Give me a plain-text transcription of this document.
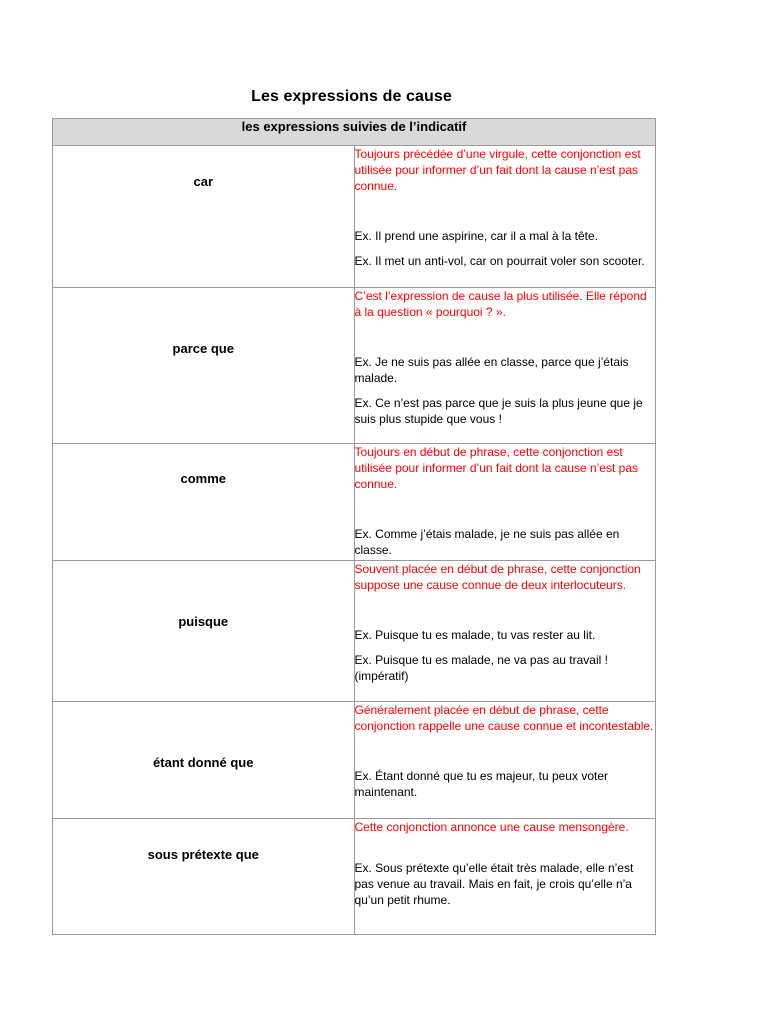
Les expressions de cause
les expressions suivies de l’indicatif	
car	Toujours précédée d’une virgule, cette conjonction est utilisée pour informer d’un fait dont la cause n’est pas connue.

Ex. Il prend une aspirine, car il a mal à la tête.

Ex. Il met un anti-vol, car on pourrait voler son scooter.

parce que	C’est l’expression de cause la plus utilisée. Elle répond à la question « pourquoi ? ».

Ex. Je ne suis pas allée en classe, parce que j’étais malade.

Ex. Ce n’est pas parce que je suis la plus jeune que je suis plus stupide que vous !

comme	Toujours en début de phrase, cette conjonction est utilisée pour informer d’un fait dont la cause n’est pas connue.

Ex. Comme j’étais malade, je ne suis pas allée en classe.

puisque	Souvent placée en début de phrase, cette conjonction suppose une cause connue de deux interlocuteurs.

Ex. Puisque tu es malade, tu vas rester au lit.

Ex. Puisque tu es malade, ne va pas au travail ! (impératif)

étant donné que	Généralement placée en début de phrase, cette conjonction rappelle une cause connue et incontestable.

Ex. Étant donné que tu es majeur, tu peux voter maintenant.

sous prétexte que	Cette conjonction annonce une cause mensongère.

Ex. Sous prétexte qu’elle était très malade, elle n’est pas venue au travail. Mais en fait, je crois qu’elle n’a qu’un petit rhume.
